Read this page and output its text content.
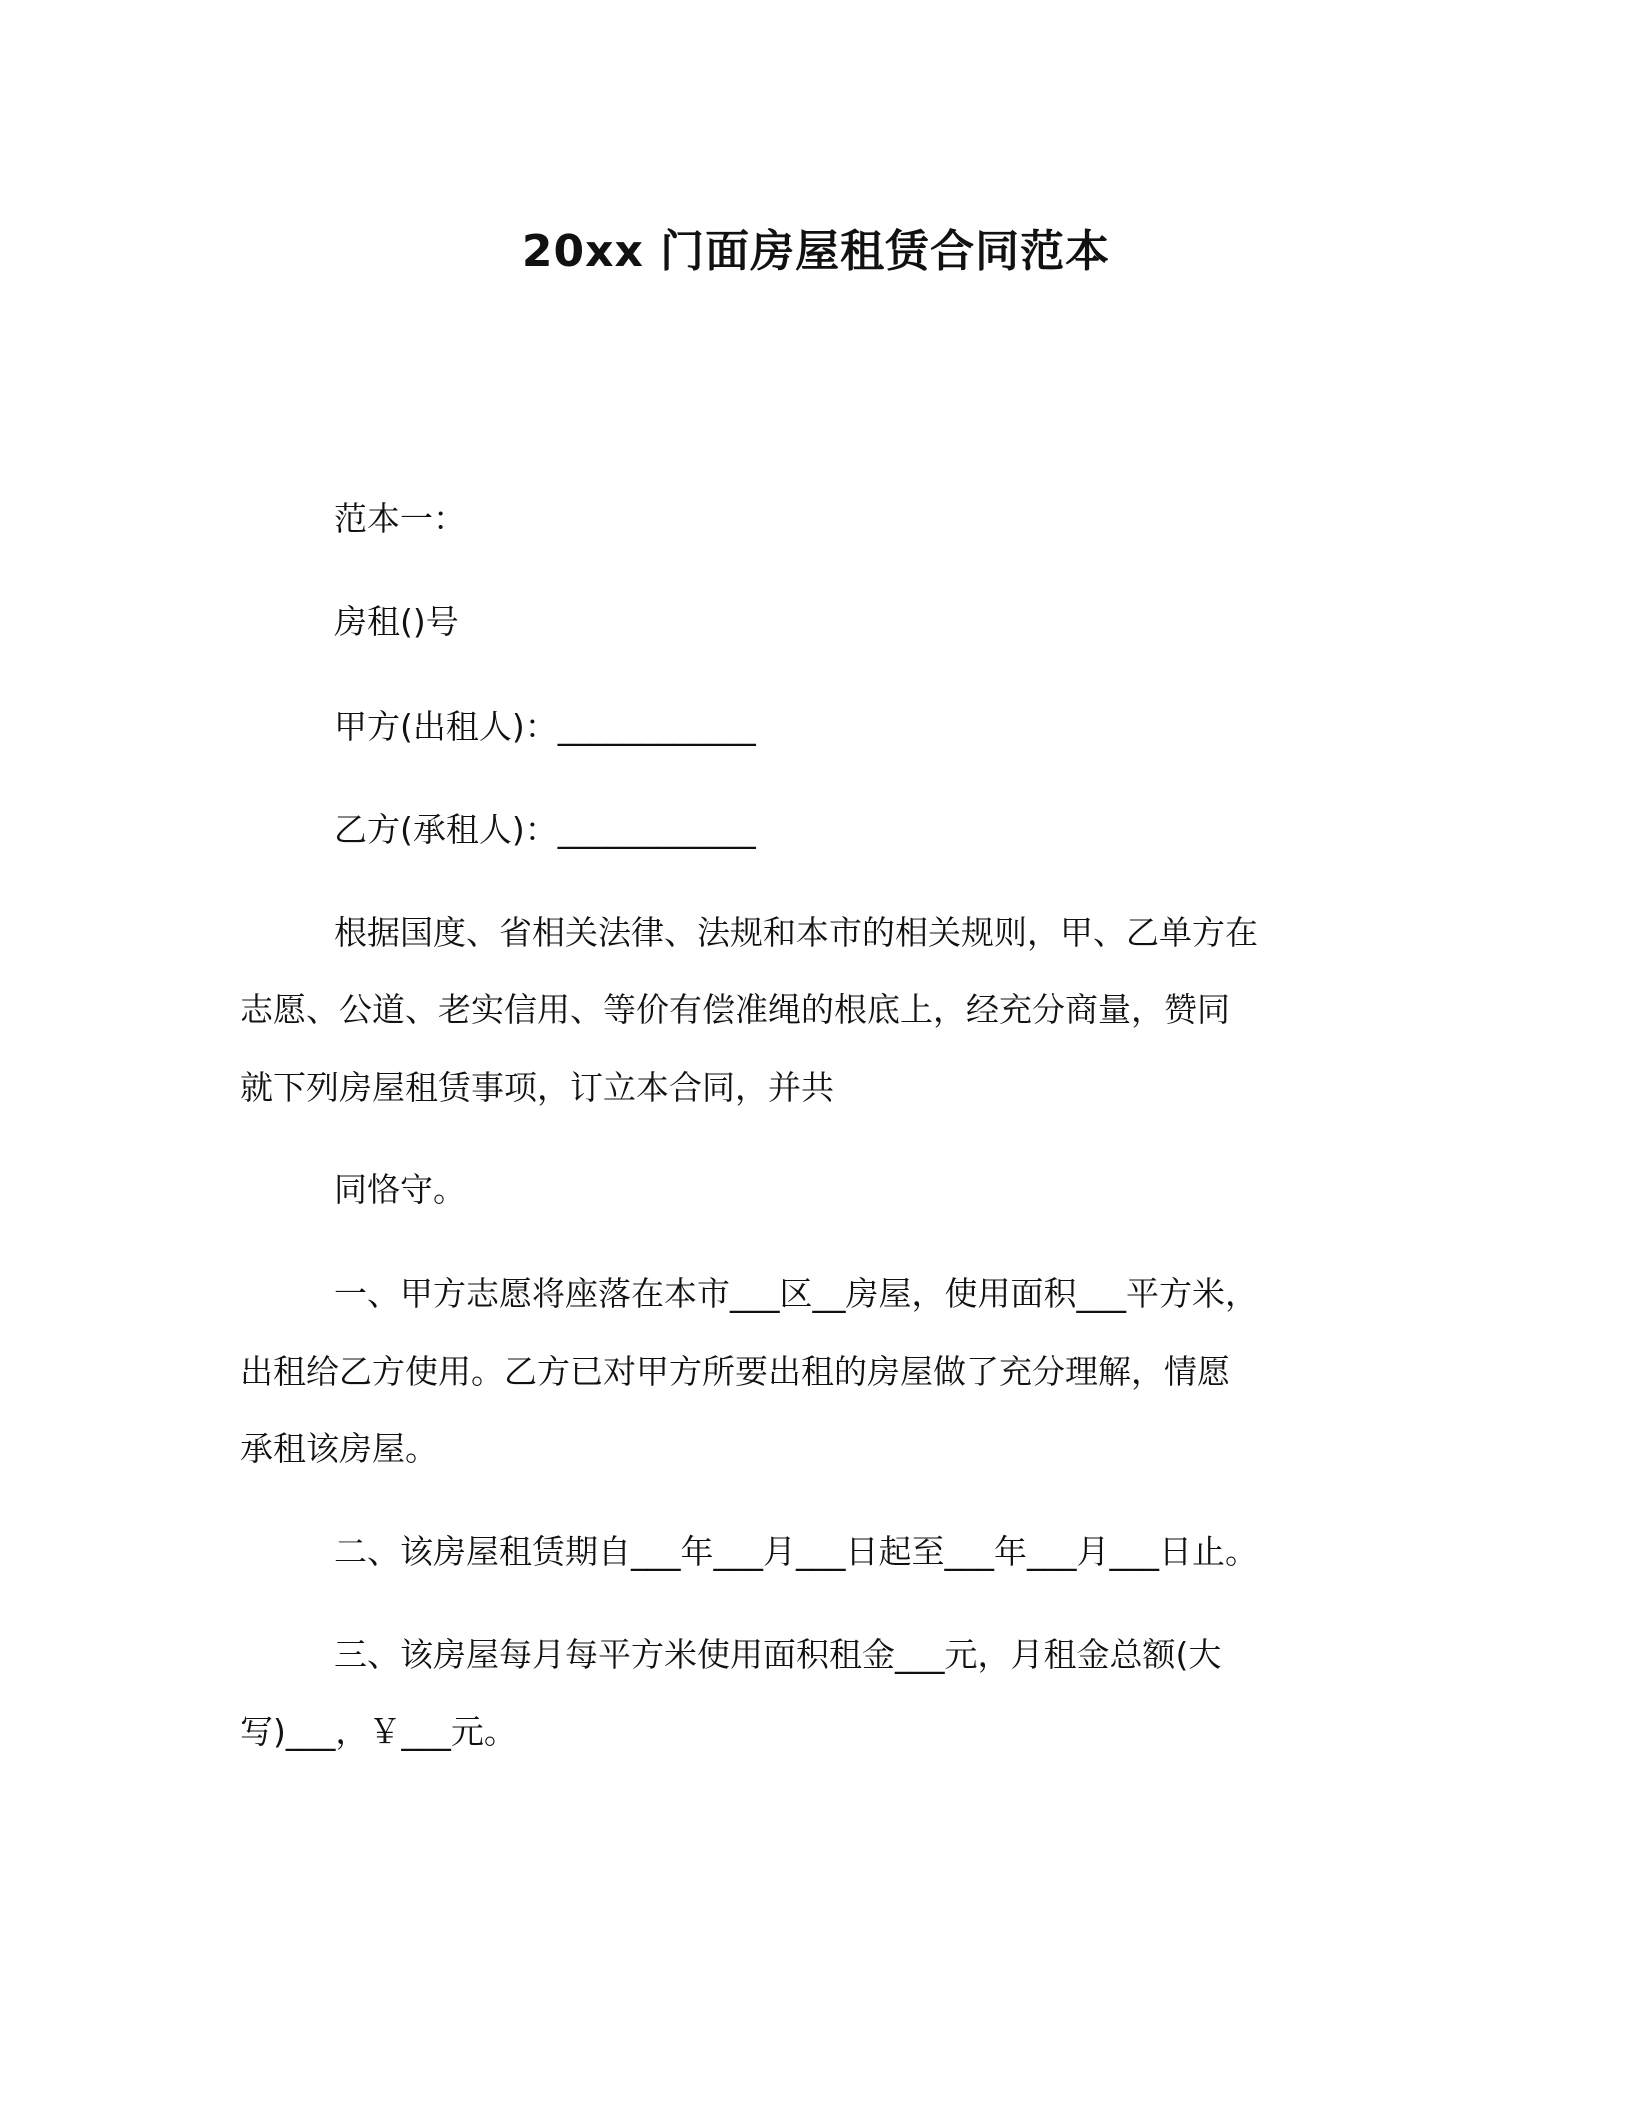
20xx 门面房屋租赁合同范本

范本一：

房租()号

甲方(出租人)：____________

乙方(承租人)：____________

根据国度、省相关法律、法规和本市的相关规则，甲、乙单方在

志愿、公道、老实信用、等价有偿准绳的根底上，经充分商量，赞同

就下列房屋租赁事项，订立本合同，并共

同恪守。

一、甲方志愿将座落在本市___区__房屋，使用面积___平方米，

出租给乙方使用。乙方已对甲方所要出租的房屋做了充分理解，情愿

承租该房屋。

二、该房屋租赁期自___年___月___日起至___年___月___日止。

三、该房屋每月每平方米使用面积租金___元，月租金总额(大

写)___，￥___元。
